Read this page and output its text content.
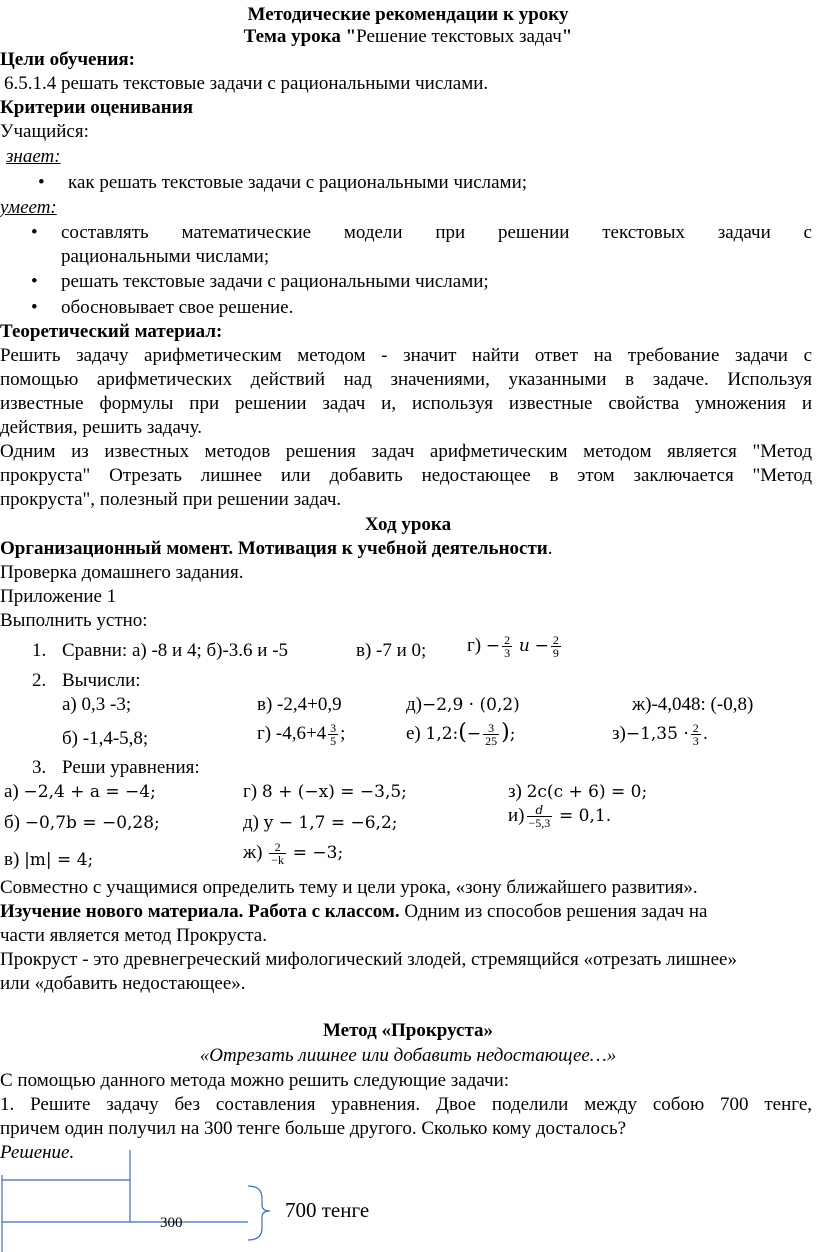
Методические рекомендации к уроку
Тема урока "Решение текстовых задач"
Цели обучения:
6.5.1.4 решать текстовые задачи с рациональными числами.
Критерии оценивания
Учащийся:
знает:
• как решать текстовые задачи с рациональными числами;
умеет:
• составлять математические модели при решении текстовых задачи с
рациональными числами;
• решать текстовые задачи с рациональными числами;
• обосновывает свое решение.
Теоретический материал:
Решить задачу арифметическим методом - значит найти ответ на требование задачи с
помощью арифметических действий над значениями, указанными в задаче. Используя
известные формулы при решении задач и, используя известные свойства умножения и
действия, решить задачу.
Одним из известных методов решения задач арифметическим методом является "Метод
прокруста" Отрезать лишнее или добавить недостающее в этом заключается "Метод
прокруста", полезный при решении задач.
Ход урока
Организационный момент. Мотивация к учебной деятельности.
Проверка домашнего задания.
Приложение 1
Выполнить устно:
1. Сравни: а) -8 и 4; б)-3.6 и -5	в) -7 и 0; $г) - \frac{2}{3}$ $и - \frac{2}{9}$
2. Вычисли:
а) 0,3 -3;	в) -2,4+0,9	д)−2,9 · (0,2)	ж)-4,048: (-0,8)
б) -1,4-5,8;	г) $-4,6+4 \frac{3}{5}$ ;	е) 1,2:(− $\frac{3}{25}$ );	$з)-1,35 \cdot \frac{2}{3}$ .
3. Реши уравнения:
а) −2,4 + a = −4;	г) 8 + (−x) = −3,5;	з) 2c(c + 6) = 0;
б) −0,7b = −0,28;	д) y − 1,7 = −6,2;	$и) \frac{d}{-5,3} = 0,1$.
в) |m| = 4;	$ж) \frac{2}{-k} = -3$;
Совместно с учащимися определить тему и цели урока, «зону ближайшего развития».
Изучение нового материала. Работа с классом. Одним из способов решения задач на
части является метод Прокруста.
Прокруст - это древнегреческий мифологический злодей, стремящийся «отрезать лишнее»
или «добавить недостающее».
Метод «Прокруста»
«Отрезать лишнее или добавить недостающее…»
С помощью данного метода можно решить следующие задачи:
1. Решите задачу без составления уравнения. Двое поделили между собою 700 тенге,
причем один получил на 300 тенге больше другого. Сколько кому досталось?
Решение.
300
700 тенге
